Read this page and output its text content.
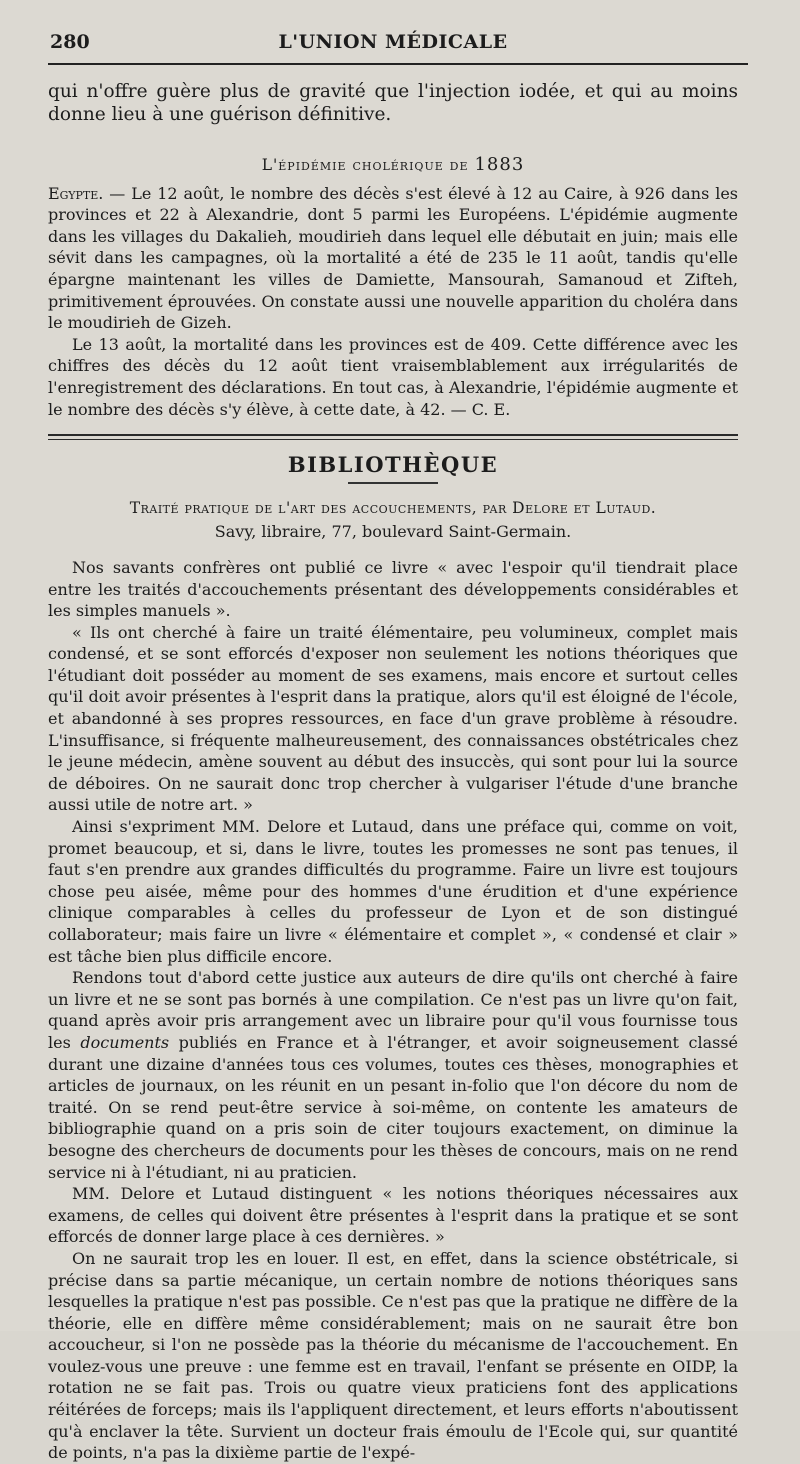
280	L'UNION MÉDICALE

qui n'offre guère plus de gravité que l'injection iodée, et qui au moins donne lieu à une guérison définitive.

L'épidémie cholérique de 1883

Egypte. — Le 12 août, le nombre des décès s'est élevé à 12 au Caire, à 926 dans les provinces et 22 à Alexandrie, dont 5 parmi les Européens. L'épidémie augmente dans les villages du Dakalieh, moudirieh dans lequel elle débutait en juin; mais elle sévit dans les campagnes, où la mortalité a été de 235 le 11 août, tandis qu'elle épargne maintenant les villes de Damiette, Mansourah, Samanoud et Zifteh, primitivement éprouvées. On constate aussi une nouvelle apparition du choléra dans le moudirieh de Gizeh.

Le 13 août, la mortalité dans les provinces est de 409. Cette différence avec les chiffres des décès du 12 août tient vraisemblablement aux irrégularités de l'enregistrement des déclarations. En tout cas, à Alexandrie, l'épidémie augmente et le nombre des décès s'y élève, à cette date, à 42. — C. E.

BIBLIOTHÈQUE
Traité pratique de l'art des accouchements, par Delore et Lutaud.
Savy, libraire, 77, boulevard Saint-Germain.

Nos savants confrères ont publié ce livre « avec l'espoir qu'il tiendrait place entre les traités d'accouchements présentant des développements considérables et les simples manuels ».

« Ils ont cherché à faire un traité élémentaire, peu volumineux, complet mais condensé, et se sont efforcés d'exposer non seulement les notions théoriques que l'étudiant doit posséder au moment de ses examens, mais encore et surtout celles qu'il doit avoir présentes à l'esprit dans la pratique, alors qu'il est éloigné de l'école, et abandonné à ses propres ressources, en face d'un grave problème à résoudre. L'insuffisance, si fréquente malheureusement, des connaissances obstétricales chez le jeune médecin, amène souvent au début des insuccès, qui sont pour lui la source de déboires. On ne saurait donc trop chercher à vulgariser l'étude d'une branche aussi utile de notre art. »

Ainsi s'expriment MM. Delore et Lutaud, dans une préface qui, comme on voit, promet beaucoup, et si, dans le livre, toutes les promesses ne sont pas tenues, il faut s'en prendre aux grandes difficultés du programme. Faire un livre est toujours chose peu aisée, même pour des hommes d'une érudition et d'une expérience clinique comparables à celles du professeur de Lyon et de son distingué collaborateur; mais faire un livre « élémentaire et complet », « condensé et clair » est tâche bien plus difficile encore.

Rendons tout d'abord cette justice aux auteurs de dire qu'ils ont cherché à faire un livre et ne se sont pas bornés à une compilation. Ce n'est pas un livre qu'on fait, quand après avoir pris arrangement avec un libraire pour qu'il vous fournisse tous les documents publiés en France et à l'étranger, et avoir soigneusement classé durant une dizaine d'années tous ces volumes, toutes ces thèses, monographies et articles de journaux, on les réunit en un pesant in-folio que l'on décore du nom de traité. On se rend peut-être service à soi-même, on contente les amateurs de bibliographie quand on a pris soin de citer toujours exactement, on diminue la besogne des chercheurs de documents pour les thèses de concours, mais on ne rend service ni à l'étudiant, ni au praticien.

MM. Delore et Lutaud distinguent « les notions théoriques nécessaires aux examens, de celles qui doivent être présentes à l'esprit dans la pratique et se sont efforcés de donner large place à ces dernières. »

On ne saurait trop les en louer. Il est, en effet, dans la science obstétricale, si précise dans sa partie mécanique, un certain nombre de notions théoriques sans lesquelles la pratique n'est pas possible. Ce n'est pas que la pratique ne diffère de la théorie, elle en diffère même considérablement; mais on ne saurait être bon accoucheur, si l'on ne possède pas la théorie du mécanisme de l'accouchement. En voulez-vous une preuve : une femme est en travail, l'enfant se présente en OIDP, la rotation ne se fait pas. Trois ou quatre vieux praticiens font des applications réitérées de forceps; mais ils l'appliquent directement, et leurs efforts n'aboutissent qu'à enclaver la tête. Survient un docteur frais émoulu de l'Ecole qui, sur quantité de points, n'a pas la dixième partie de l'expé-
